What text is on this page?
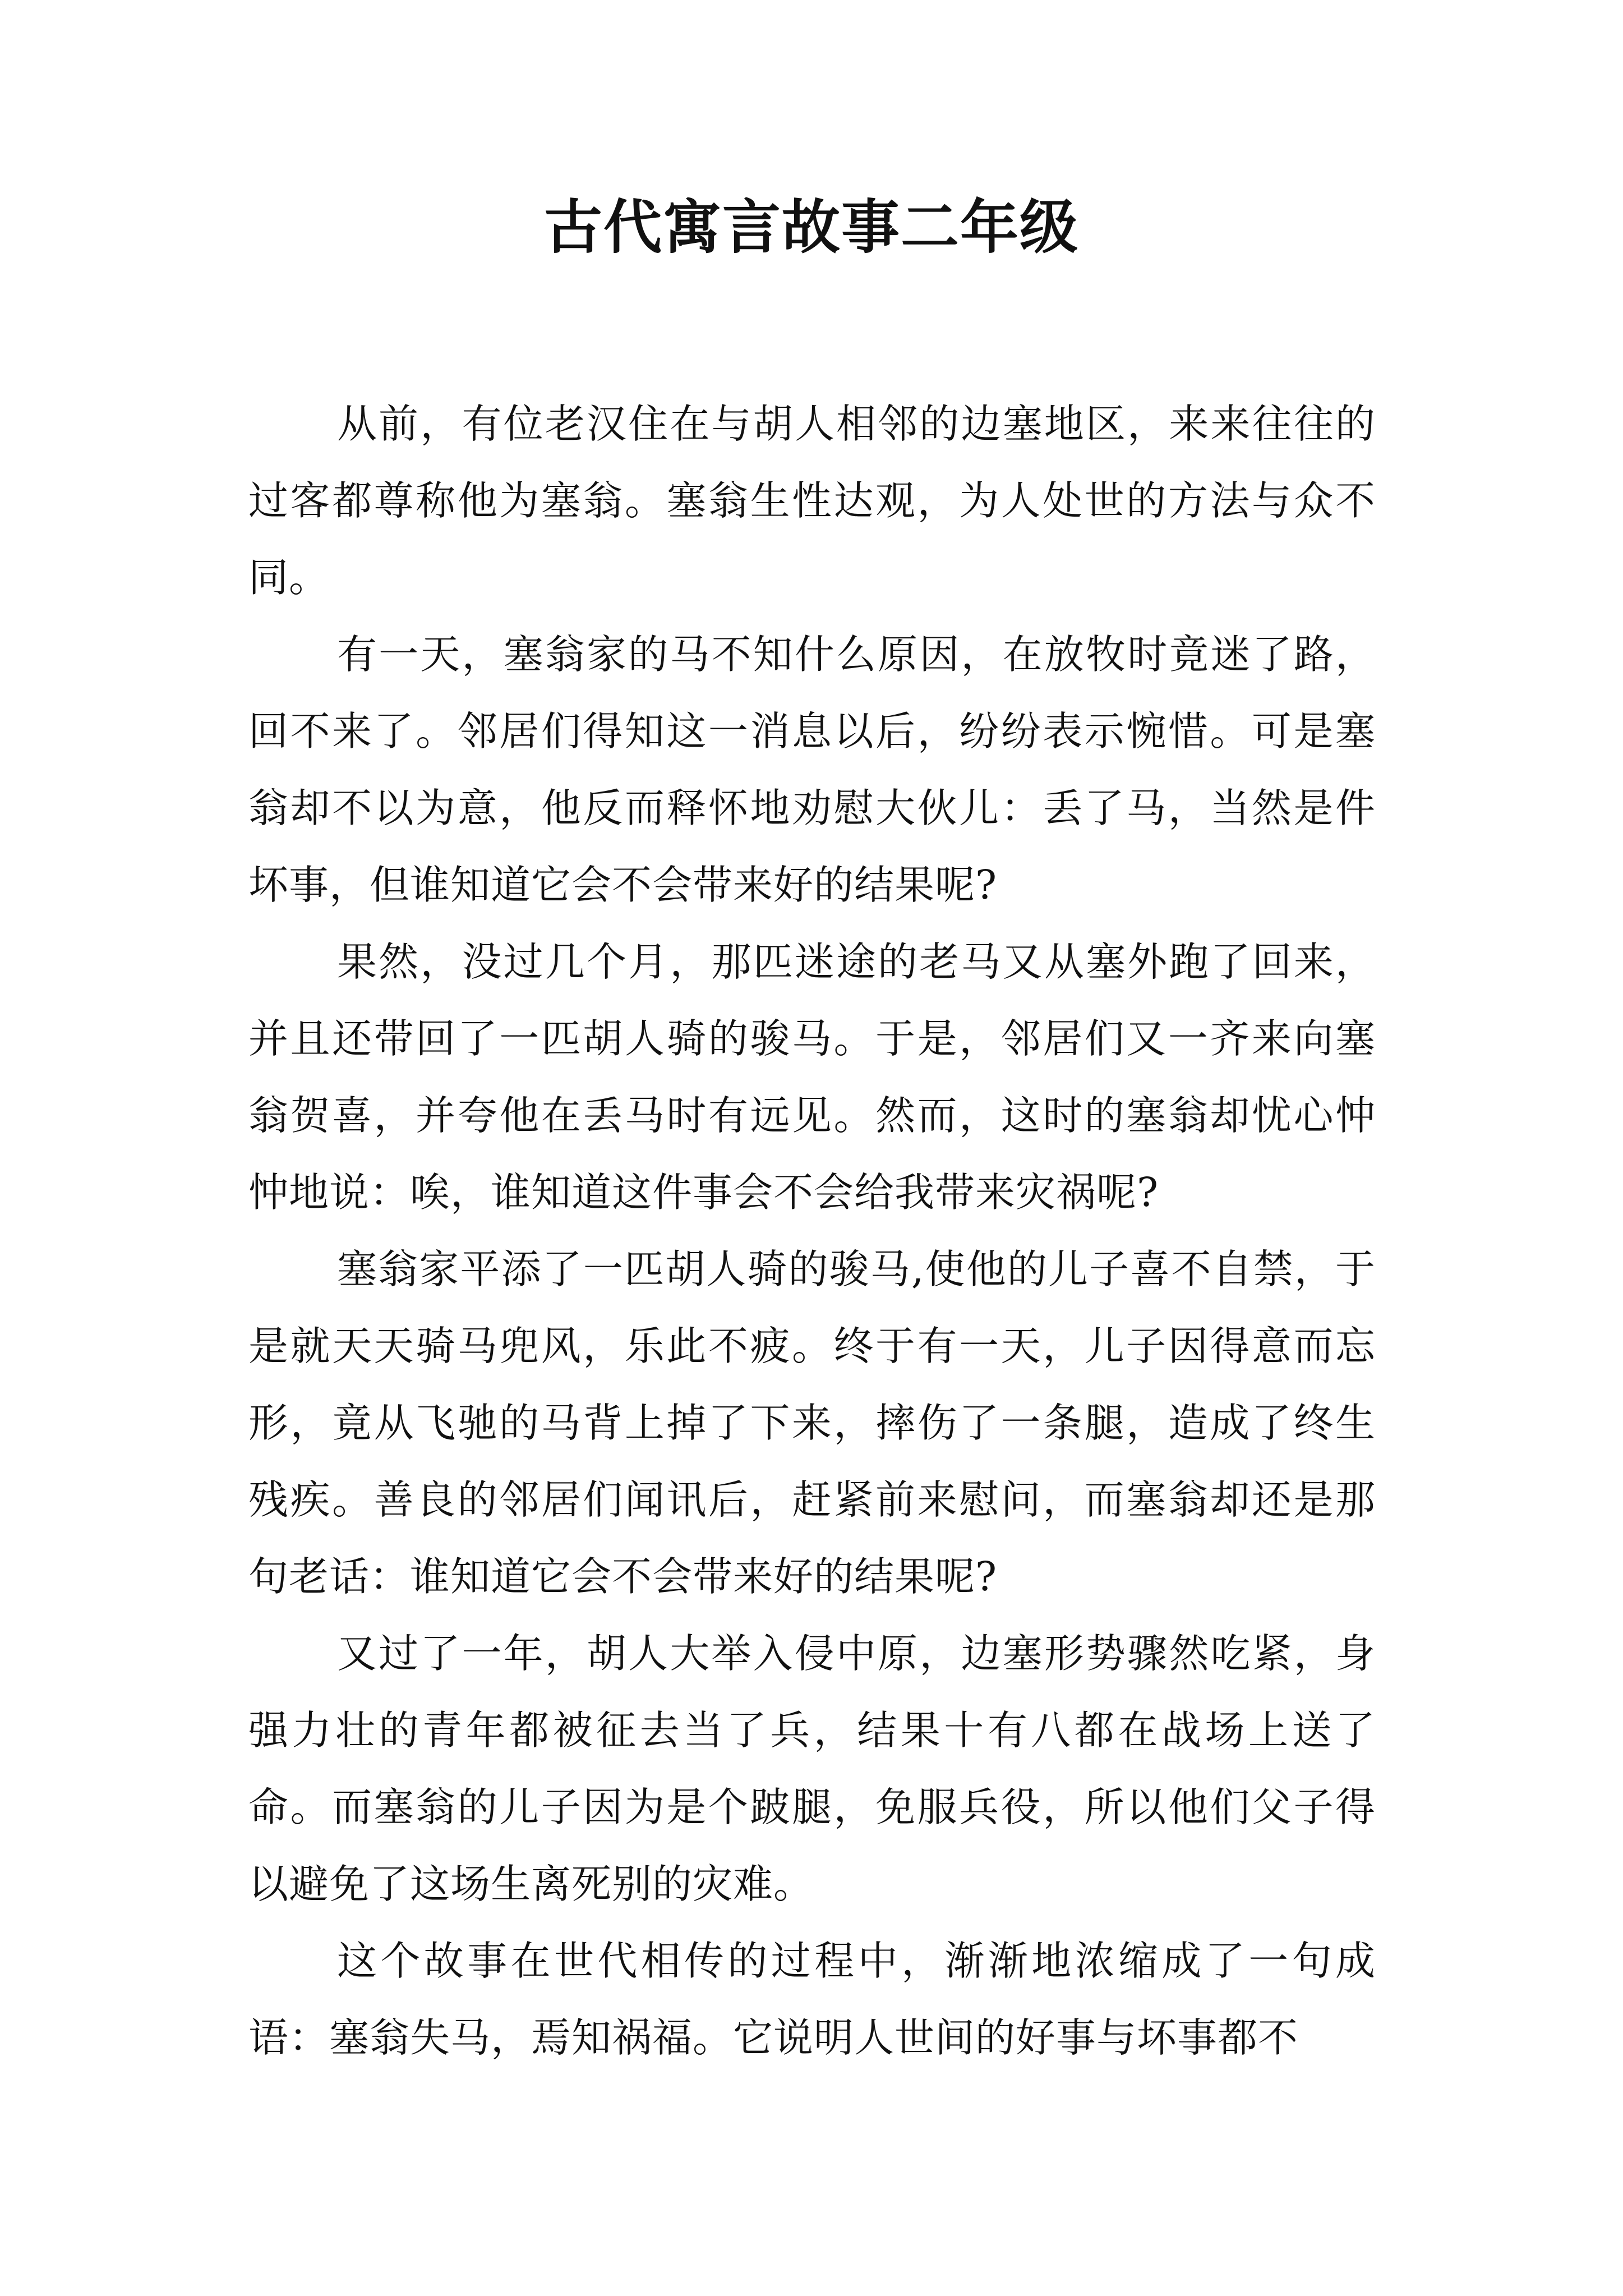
古代寓言故事二年级

从前，有位老汉住在与胡人相邻的边塞地区，来来往往的过客都尊称他为塞翁。塞翁生性达观，为人处世的方法与众不同。

有一天，塞翁家的马不知什么原因，在放牧时竟迷了路，回不来了。邻居们得知这一消息以后，纷纷表示惋惜。可是塞翁却不以为意，他反而释怀地劝慰大伙儿：丢了马，当然是件坏事，但谁知道它会不会带来好的结果呢?

果然，没过几个月，那匹迷途的老马又从塞外跑了回来，并且还带回了一匹胡人骑的骏马。于是，邻居们又一齐来向塞翁贺喜，并夸他在丢马时有远见。然而，这时的塞翁却忧心忡忡地说：唉，谁知道这件事会不会给我带来灾祸呢?

塞翁家平添了一匹胡人骑的骏马,使他的儿子喜不自禁，于是就天天骑马兜风，乐此不疲。终于有一天，儿子因得意而忘形，竟从飞驰的马背上掉了下来，摔伤了一条腿，造成了终生残疾。善良的邻居们闻讯后，赶紧前来慰问，而塞翁却还是那句老话：谁知道它会不会带来好的结果呢?

又过了一年，胡人大举入侵中原，边塞形势骤然吃紧，身强力壮的青年都被征去当了兵，结果十有八都在战场上送了命。而塞翁的儿子因为是个跛腿，免服兵役，所以他们父子得以避免了这场生离死别的灾难。

这个故事在世代相传的过程中，渐渐地浓缩成了一句成语：塞翁失马，焉知祸福。它说明人世间的好事与坏事都不
